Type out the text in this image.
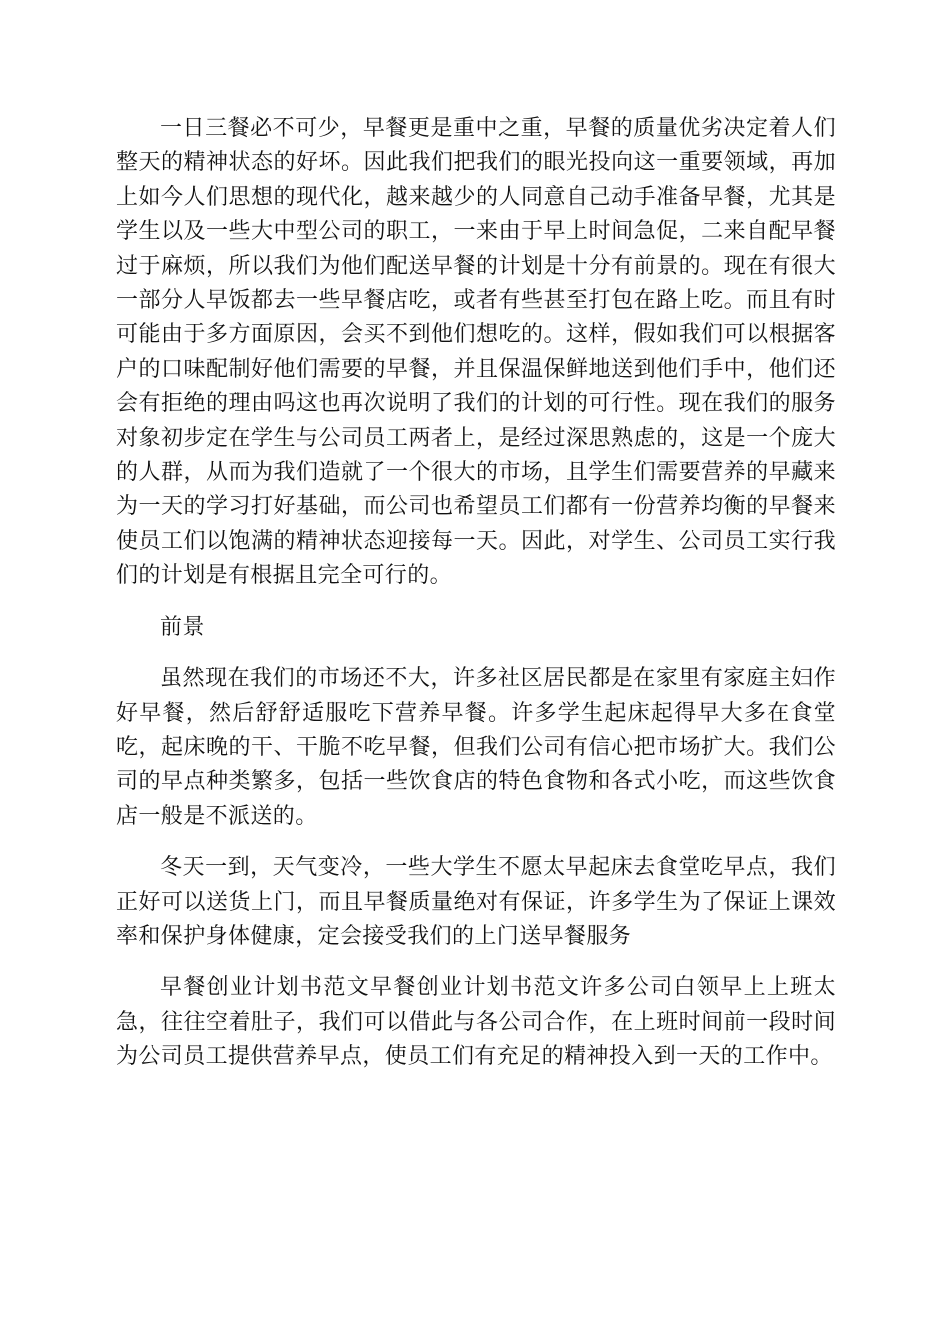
一日三餐必不可少，早餐更是重中之重，早餐的质量优劣决定着人们整天的精神状态的好坏。因此我们把我们的眼光投向这一重要领域，再加上如今人们思想的现代化，越来越少的人同意自己动手准备早餐，尤其是学生以及一些大中型公司的职工，一来由于早上时间急促，二来自配早餐过于麻烦，所以我们为他们配送早餐的计划是十分有前景的。现在有很大一部分人早饭都去一些早餐店吃，或者有些甚至打包在路上吃。而且有时可能由于多方面原因，会买不到他们想吃的。这样，假如我们可以根据客户的口味配制好他们需要的早餐，并且保温保鲜地送到他们手中，他们还会有拒绝的理由吗这也再次说明了我们的计划的可行性。现在我们的服务对象初步定在学生与公司员工两者上，是经过深思熟虑的，这是一个庞大的人群，从而为我们造就了一个很大的市场，且学生们需要营养的早藏来为一天的学习打好基础，而公司也希望员工们都有一份营养均衡的早餐来使员工们以饱满的精神状态迎接每一天。因此，对学生、公司员工实行我们的计划是有根据且完全可行的。

前景

虽然现在我们的市场还不大，许多社区居民都是在家里有家庭主妇作好早餐，然后舒舒适服吃下营养早餐。许多学生起床起得早大多在食堂吃，起床晚的干、干脆不吃早餐，但我们公司有信心把市场扩大。我们公司的早点种类繁多，包括一些饮食店的特色食物和各式小吃，而这些饮食店一般是不派送的。

冬天一到，天气变冷，一些大学生不愿太早起床去食堂吃早点，我们正好可以送货上门，而且早餐质量绝对有保证，许多学生为了保证上课效率和保护身体健康，定会接受我们的上门送早餐服务

早餐创业计划书范文早餐创业计划书范文许多公司白领早上上班太急，往往空着肚子，我们可以借此与各公司合作，在上班时间前一段时间为公司员工提供营养早点，使员工们有充足的精神投入到一天的工作中。
